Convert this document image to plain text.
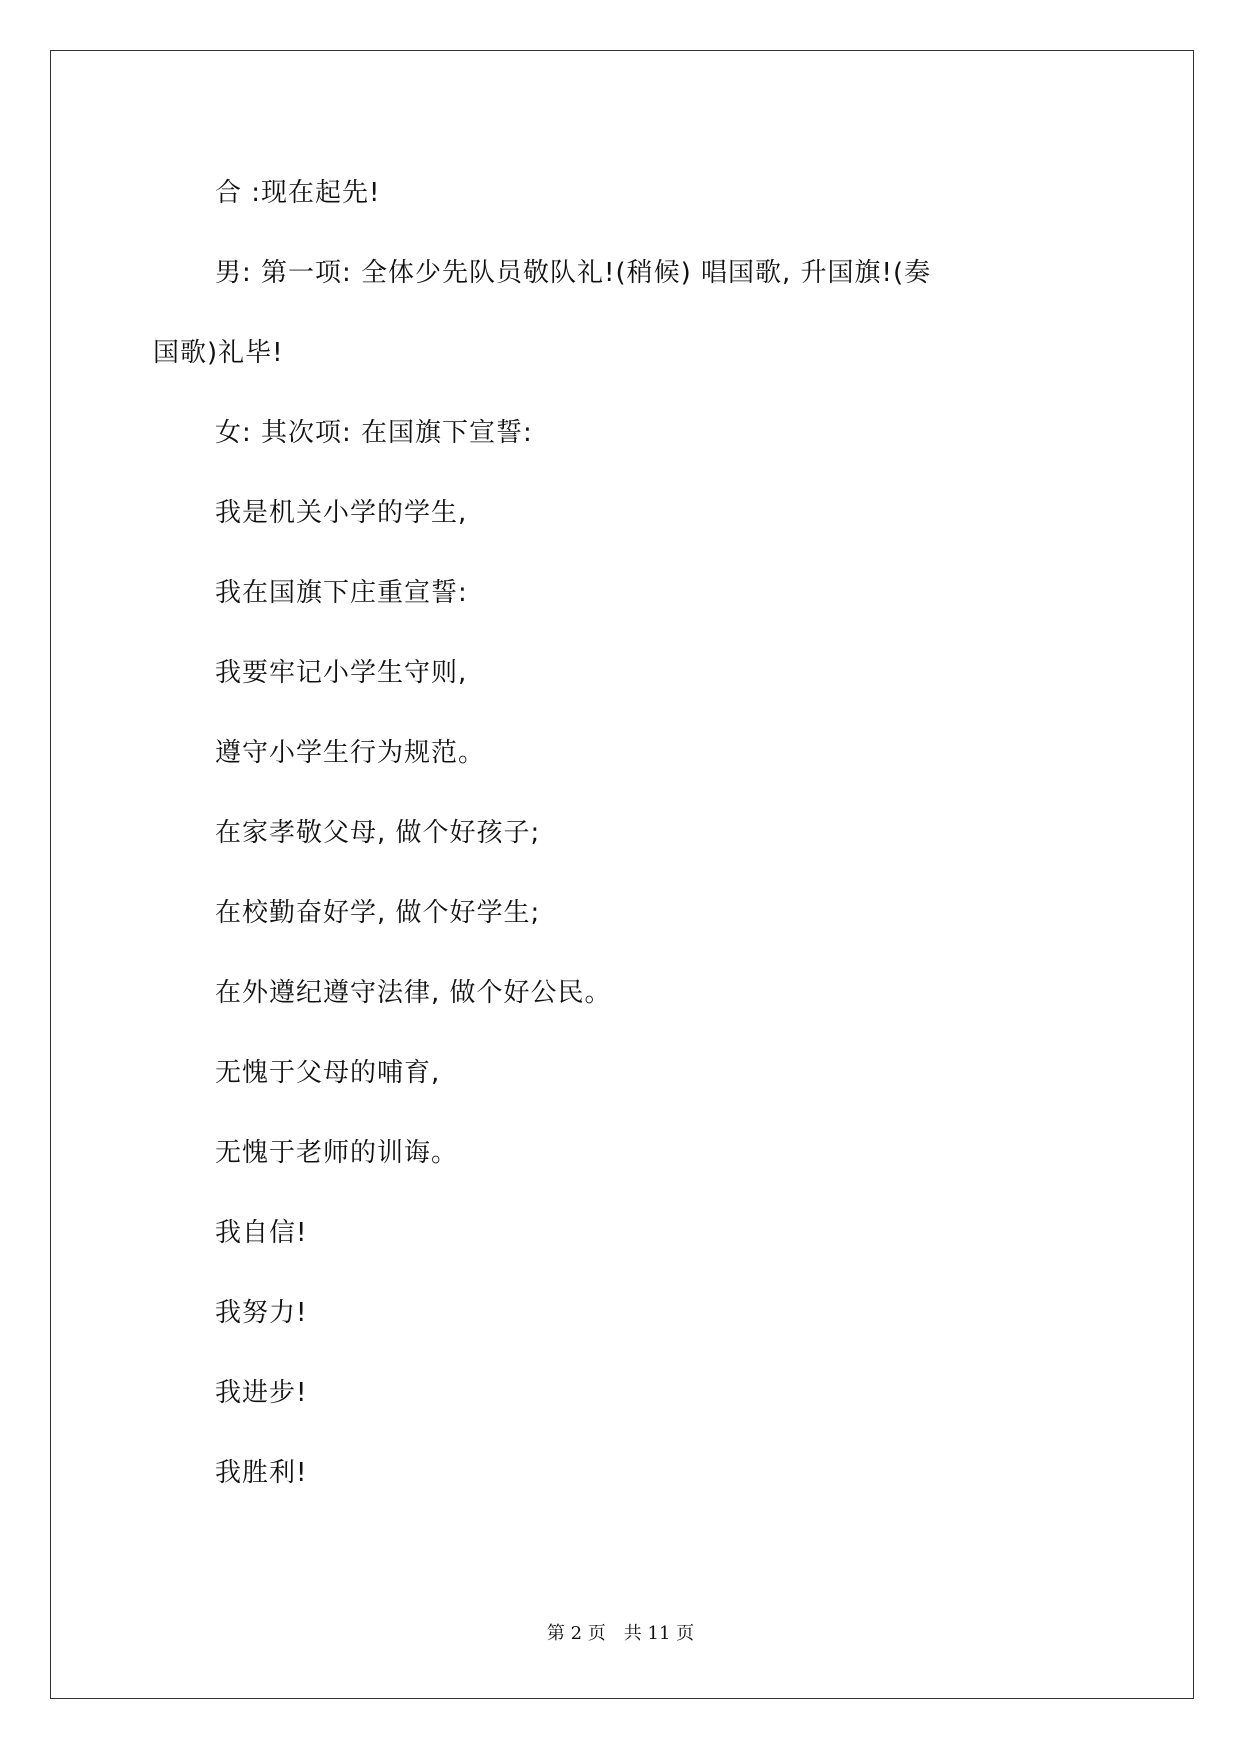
合 :现在起先!
男: 第一项: 全体少先队员敬队礼!(稍候) 唱国歌, 升国旗!(奏
国歌)礼毕!
女: 其次项: 在国旗下宣誓:
我是机关小学的学生,
我在国旗下庄重宣誓:
我要牢记小学生守则,
遵守小学生行为规范。
在家孝敬父母, 做个好孩子;
在校勤奋好学, 做个好学生;
在外遵纪遵守法律, 做个好公民。
无愧于父母的哺育,
无愧于老师的训诲。
我自信!
我努力!
我进步!
我胜利!
第 2 页 共 11 页
